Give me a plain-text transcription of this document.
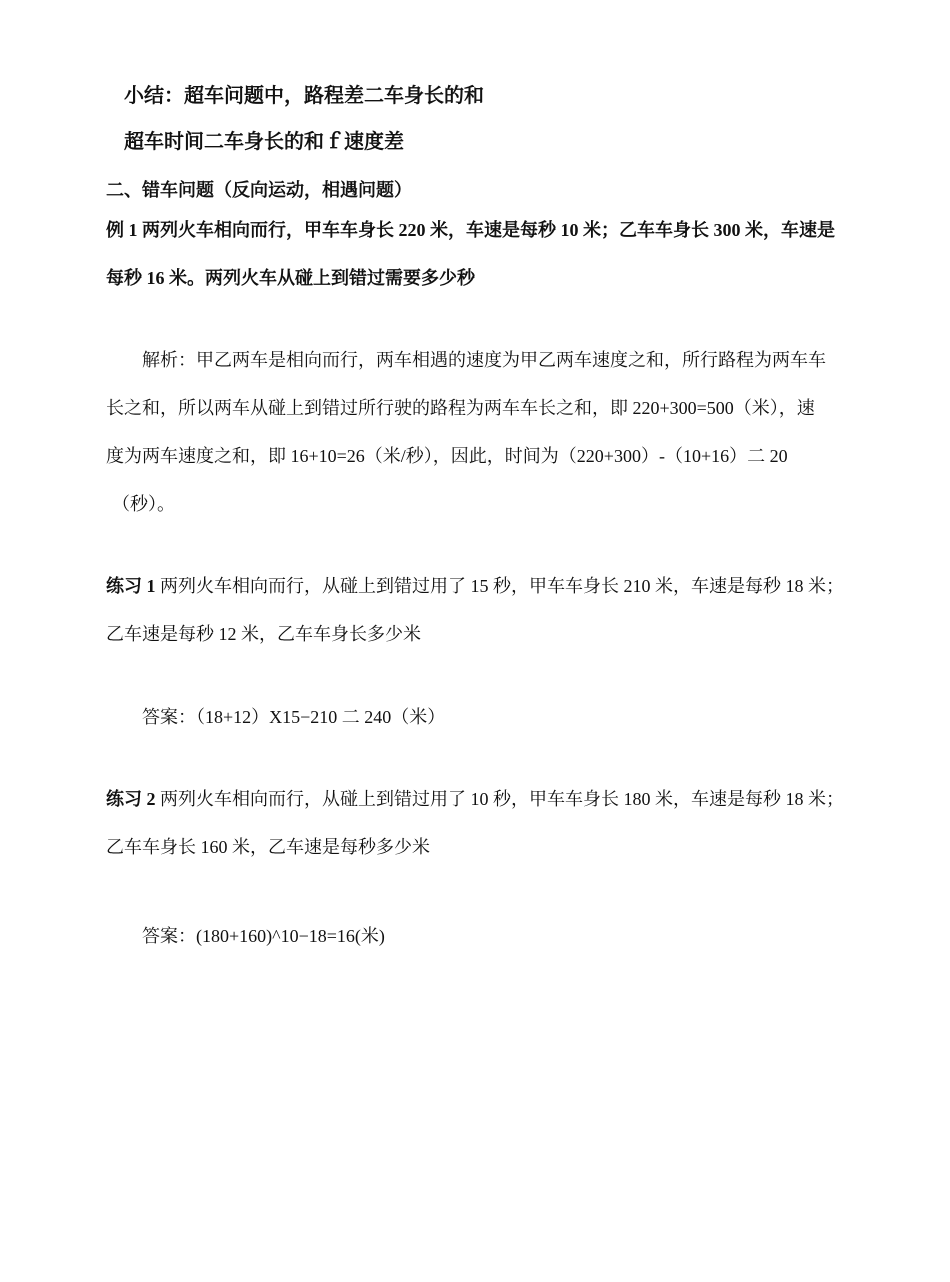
小结：超车问题中，路程差二车身长的和
超车时间二车身长的和ｆ速度差
二、错车问题（反向运动，相遇问题）
例 1 两列火车相向而行，甲车车身长 220 米，车速是每秒 10 米；乙车车身长 300 米，车速是
每秒 16 米。两列火车从碰上到错过需要多少秒
解析：甲乙两车是相向而行，两车相遇的速度为甲乙两车速度之和，所行路程为两车车
长之和，所以两车从碰上到错过所行驶的路程为两车车长之和，即 220+300=500（米），速
度为两车速度之和，即 16+10=26（米/秒），因此，时间为（220+300）-（10+16）二 20
（秒）。
练习 1 两列火车相向而行，从碰上到错过用了 15 秒，甲车车身长 210 米，车速是每秒 18 米；
乙车速是每秒 12 米，乙车车身长多少米
答案：（18+12）X15−210 二 240（米）
练习 2 两列火车相向而行，从碰上到错过用了 10 秒，甲车车身长 180 米，车速是每秒 18 米；
乙车车身长 160 米，乙车速是每秒多少米
答案：(180+160)^10−18=16(米)
